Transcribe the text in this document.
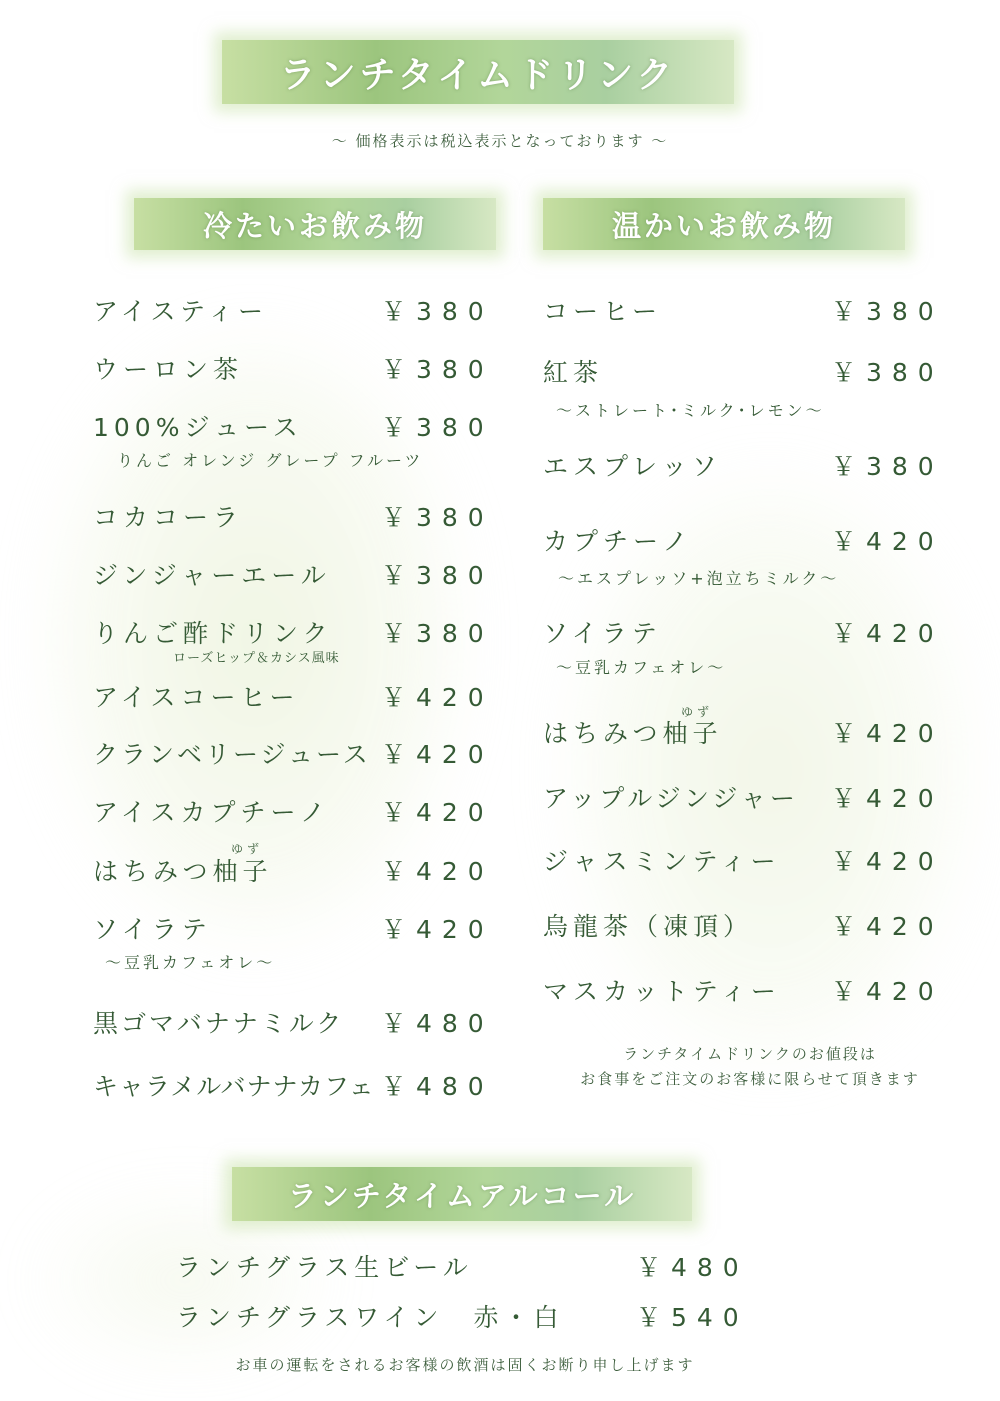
ランチタイムドリンク
～ 価格表示は税込表示となっております ～
冷たいお飲み物	温かいお飲み物
アイスティー	￥380
ウーロン茶	￥380
100%ジュース	￥380
りんご オレンジ グレープ フルーツ
コカコーラ	￥380
ジンジャーエール ￥380
りんご酢ドリンク ￥380
ローズヒップ＆カシス風味
アイスコーヒー	￥420
クランベリージュース ￥420
アイスカプチーノ ￥420
ゆず
はちみつ柚子	￥420
ソイラテ	￥420
～豆乳カフェオレ～
黒ゴマバナナミルク ￥480
キャラメルバナナカフェ ￥480
コーヒー	￥380
紅茶	￥380
～ストレート･ミルク･レモン～
エスプレッソ	￥380
カプチーノ	￥420
～エスプレッソ+泡立ちミルク～
ソイラテ	￥420
～豆乳カフェオレ～
ゆず
はちみつ柚子	￥420
アップルジンジャー ￥420
ジャスミンティー ￥420
烏龍茶（凍頂）	￥420
マスカットティー ￥420
ランチタイムドリンクのお値段は
お食事をご注文のお客様に限らせて頂きます
ランチタイムアルコール
ランチグラス生ビール	￥480
ランチグラスワイン　赤・白	￥540
お車の運転をされるお客様の飲酒は固くお断り申し上げます
